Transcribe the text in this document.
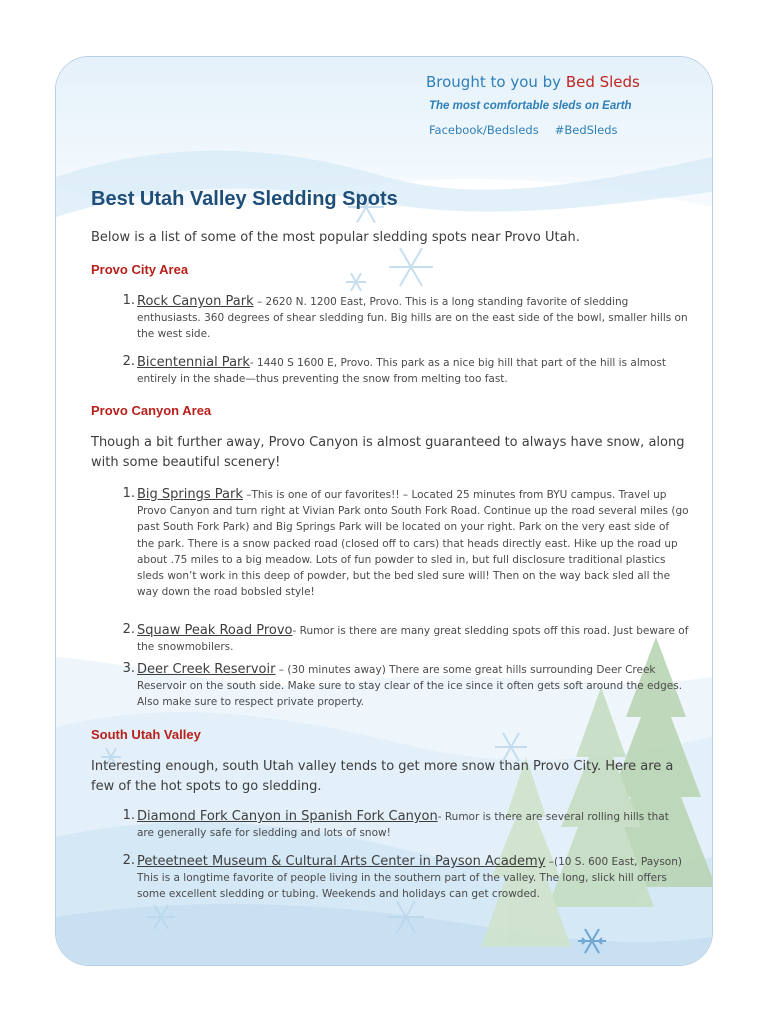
Brought to you by Bed Sleds
The most comfortable sleds on Earth
Facebook/Bedsleds #BedSleds
Best Utah Valley Sledding Spots
Below is a list of some of the most popular sledding spots near Provo Utah.
Provo City Area
1. Rock Canyon Park – 2620 N. 1200 East, Provo. This is a long standing favorite of sledding enthusiasts. 360 degrees of shear sledding fun. Big hills are on the east side of the bowl, smaller hills on the west side.
2. Bicentennial Park- 1440 S 1600 E, Provo. This park as a nice big hill that part of the hill is almost entirely in the shade—thus preventing the snow from melting too fast.
Provo Canyon Area
Though a bit further away, Provo Canyon is almost guaranteed to always have snow, along with some beautiful scenery!
1. Big Springs Park –This is one of our favorites!! – Located 25 minutes from BYU campus. Travel up Provo Canyon and turn right at Vivian Park onto South Fork Road. Continue up the road several miles (go past South Fork Park) and Big Springs Park will be located on your right. Park on the very east side of the park. There is a snow packed road (closed off to cars) that heads directly east. Hike up the road up about .75 miles to a big meadow. Lots of fun powder to sled in, but full disclosure traditional plastics sleds won’t work in this deep of powder, but the bed sled sure will! Then on the way back sled all the way down the road bobsled style!
2. Squaw Peak Road Provo- Rumor is there are many great sledding spots off this road. Just beware of the snowmobilers.
3. Deer Creek Reservoir – (30 minutes away) There are some great hills surrounding Deer Creek Reservoir on the south side. Make sure to stay clear of the ice since it often gets soft around the edges. Also make sure to respect private property.
South Utah Valley
Interesting enough, south Utah valley tends to get more snow than Provo City. Here are a few of the hot spots to go sledding.
1. Diamond Fork Canyon in Spanish Fork Canyon- Rumor is there are several rolling hills that are generally safe for sledding and lots of snow!
2. Peteetneet Museum & Cultural Arts Center in Payson Academy –(10 S. 600 East, Payson) This is a longtime favorite of people living in the southern part of the valley. The long, slick hill offers some excellent sledding or tubing. Weekends and holidays can get crowded.
